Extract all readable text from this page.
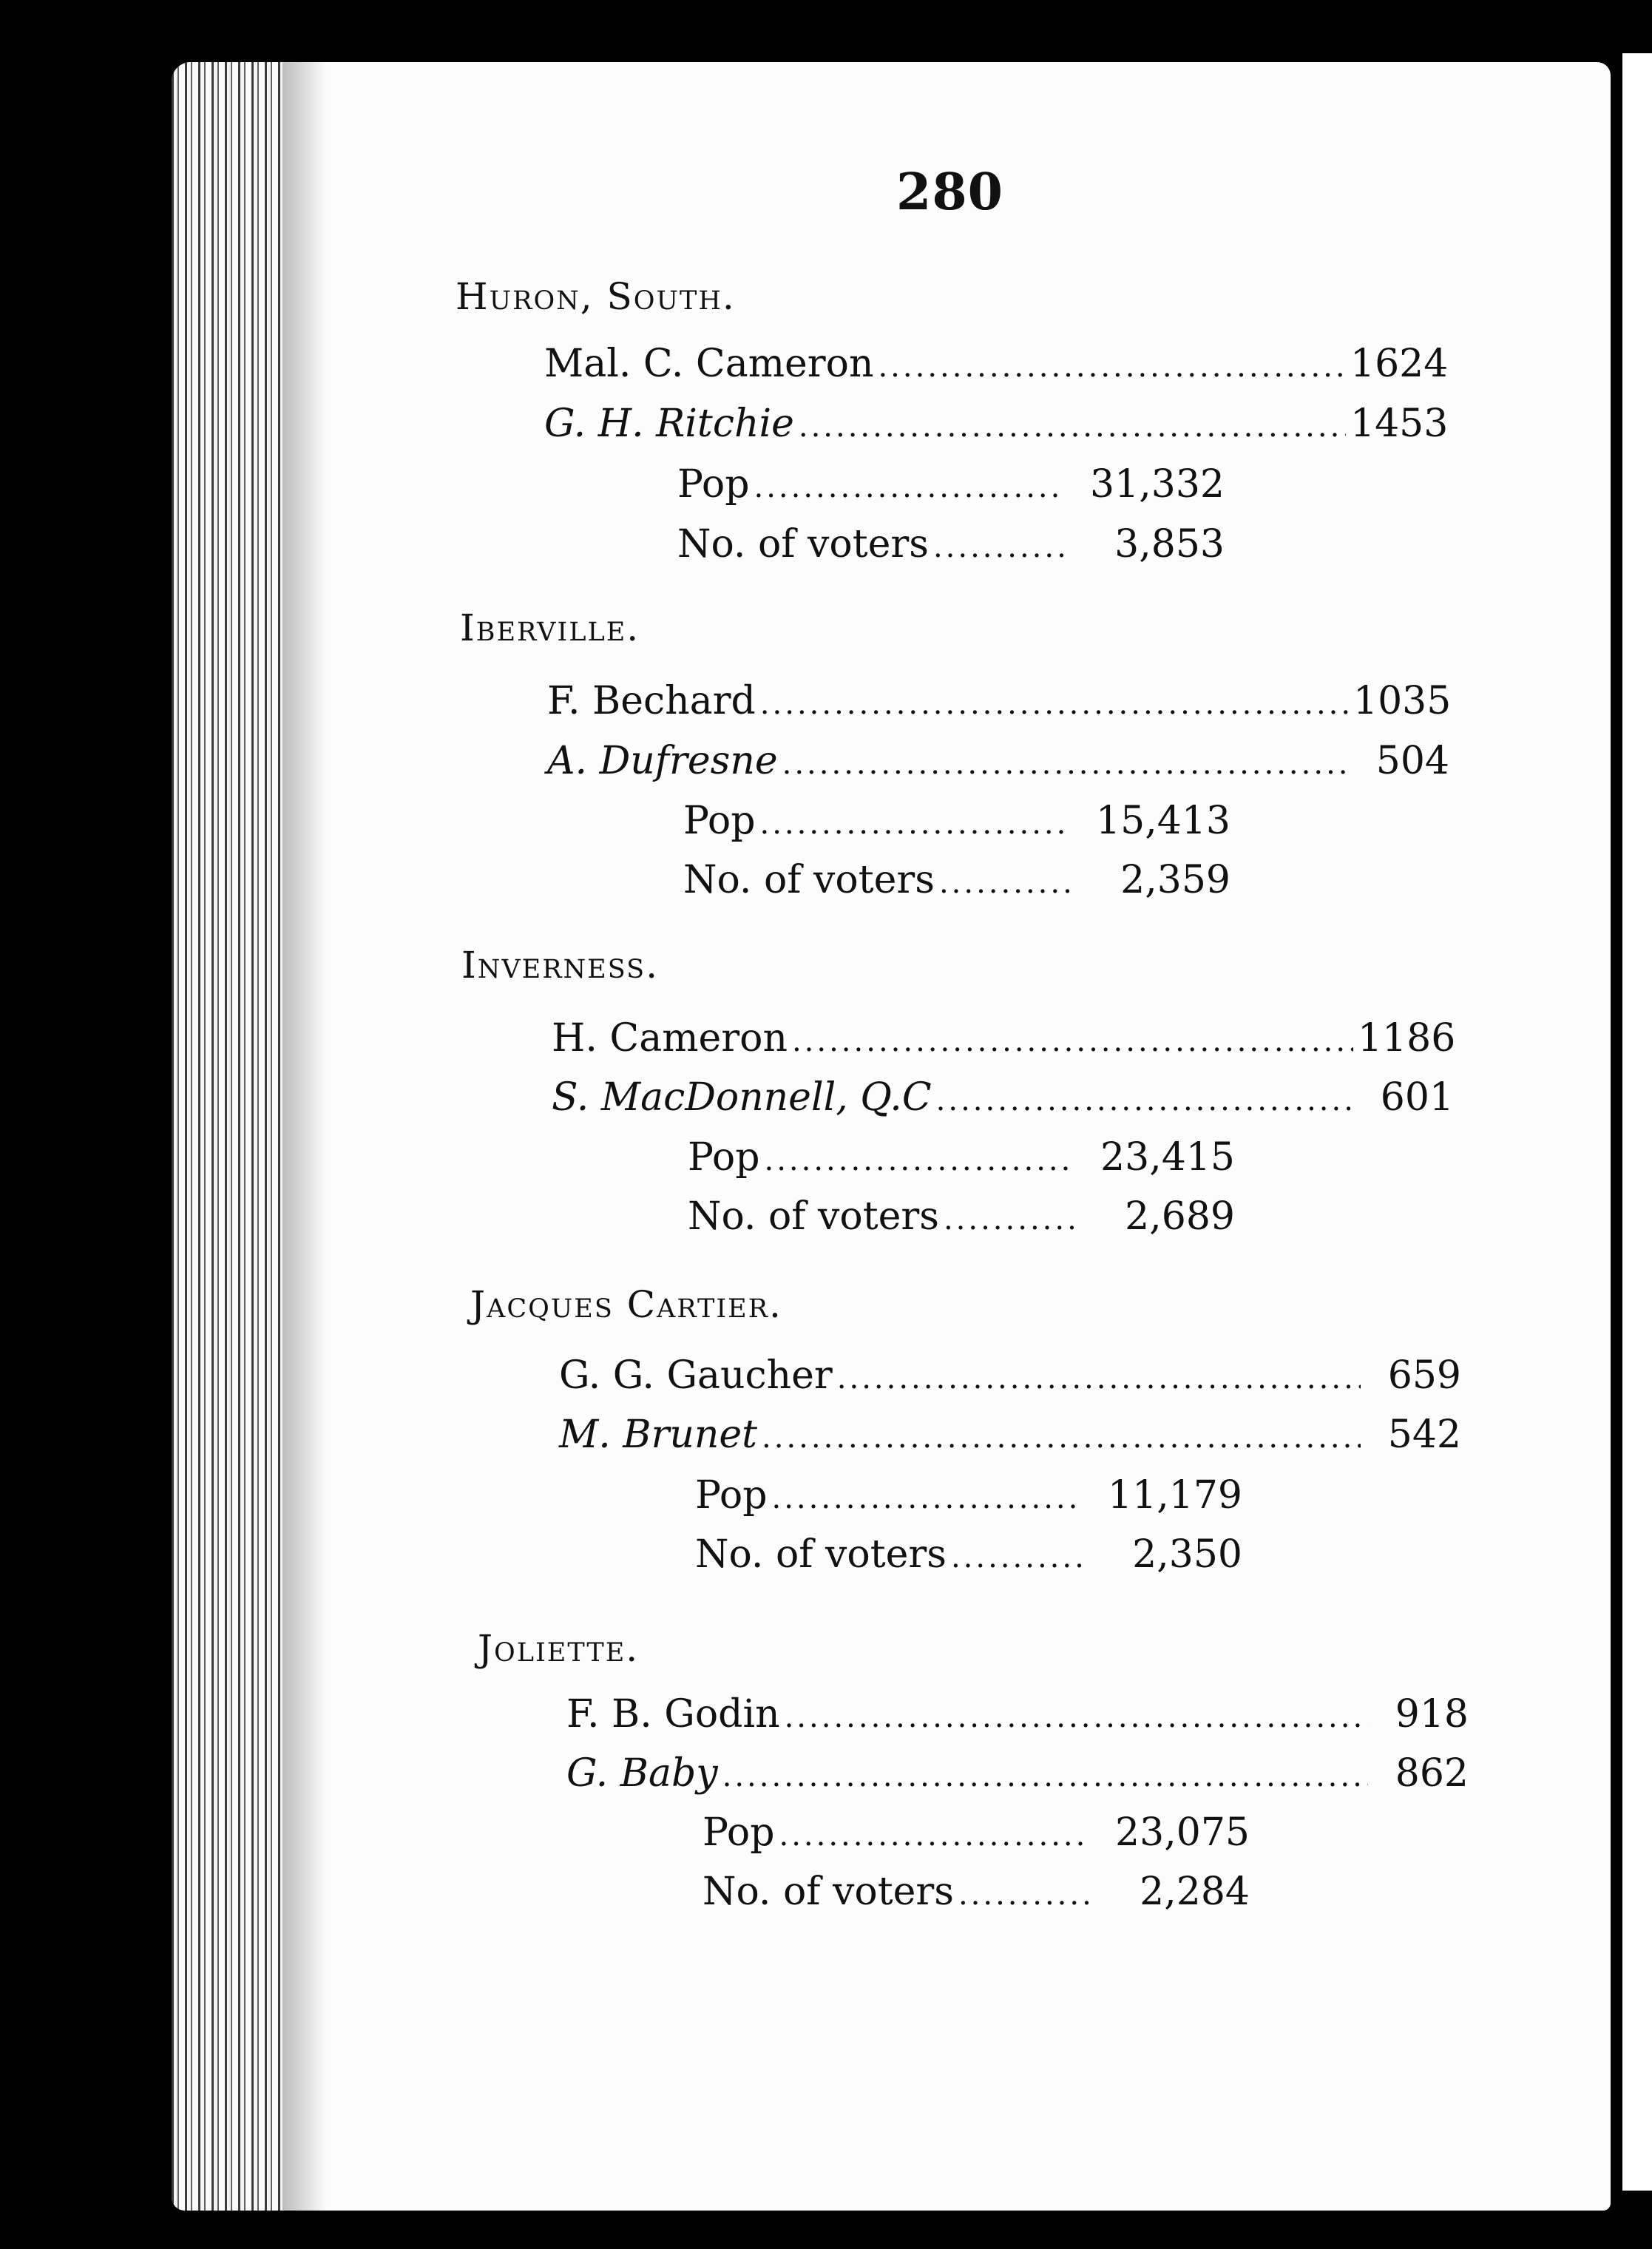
280
Huron, South.
Mal. C. Cameron .....	1624
G. H. Ritchie .....	1453
Pop .....	31,332
No. of voters .....	3,853
Iberville.
F. Bechard .....	1035
A. Dufresne .....	504
Pop .....	15,413
No. of voters .....	2,359
Inverness.
H. Cameron .....	1186
S. MacDonnell, Q.C .....	601
Pop .....	23,415
No. of voters .....	2,689
Jacques Cartier.
G. G. Gaucher .....	659
M. Brunet .....	542
Pop .....	11,179
No. of voters .....	2,350
Joliette.
F. B. Godin .....	918
G. Baby .....	862
Pop .....	23,075
No. of voters .....	2,284
